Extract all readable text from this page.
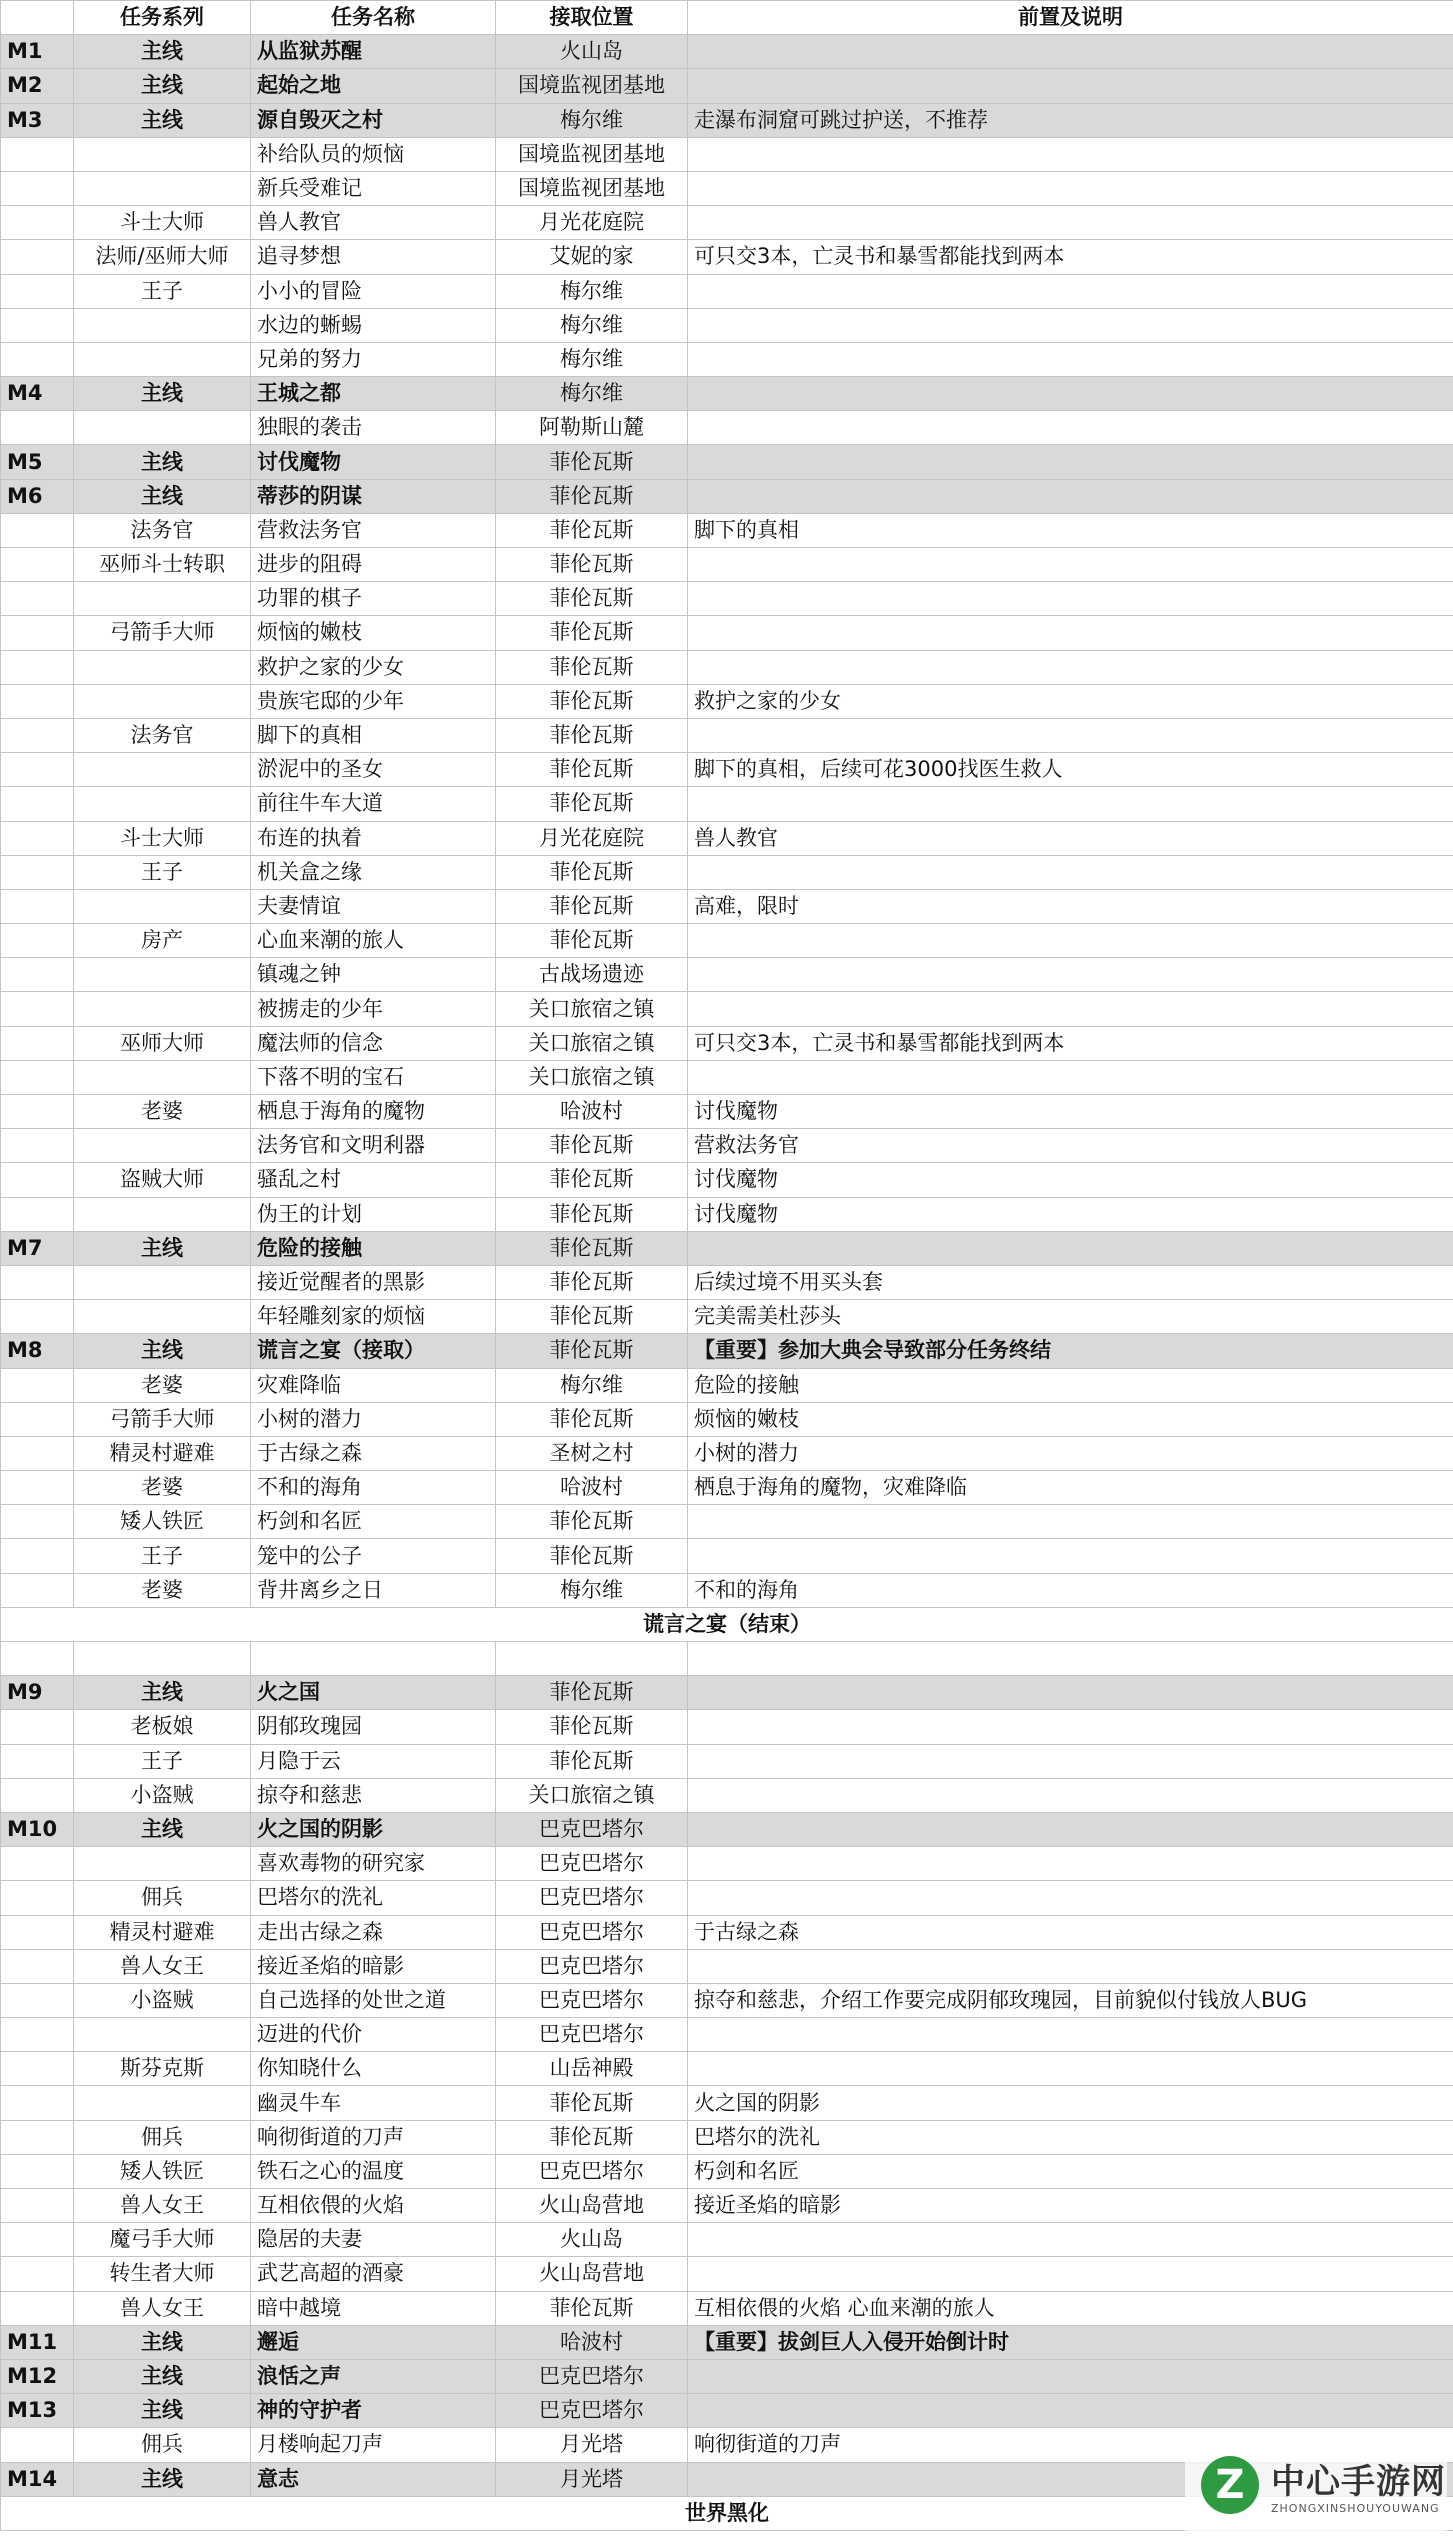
	任务系列	任务名称	接取位置	前置及说明
M1	主线	从监狱苏醒	火山岛	
M2	主线	起始之地	国境监视团基地	
M3	主线	源自毁灭之村	梅尔维	走瀑布洞窟可跳过护送，不推荐
		补给队员的烦恼	国境监视团基地	
		新兵受难记	国境监视团基地	
	斗士大师	兽人教官	月光花庭院	
	法师/巫师大师	追寻梦想	艾妮的家	可只交3本，亡灵书和暴雪都能找到两本
	王子	小小的冒险	梅尔维	
		水边的蜥蜴	梅尔维	
		兄弟的努力	梅尔维	
M4	主线	王城之都	梅尔维	
		独眼的袭击	阿勒斯山麓	
M5	主线	讨伐魔物	菲伦瓦斯	
M6	主线	蒂莎的阴谋	菲伦瓦斯	
	法务官	营救法务官	菲伦瓦斯	脚下的真相
	巫师斗士转职	进步的阻碍	菲伦瓦斯	
		功罪的棋子	菲伦瓦斯	
	弓箭手大师	烦恼的嫩枝	菲伦瓦斯	
		救护之家的少女	菲伦瓦斯	
		贵族宅邸的少年	菲伦瓦斯	救护之家的少女
	法务官	脚下的真相	菲伦瓦斯	
		淤泥中的圣女	菲伦瓦斯	脚下的真相，后续可花3000找医生救人
		前往牛车大道	菲伦瓦斯	
	斗士大师	布连的执着	月光花庭院	兽人教官
	王子	机关盒之缘	菲伦瓦斯	
		夫妻情谊	菲伦瓦斯	高难，限时
	房产	心血来潮的旅人	菲伦瓦斯	
		镇魂之钟	古战场遗迹	
		被掳走的少年	关口旅宿之镇	
	巫师大师	魔法师的信念	关口旅宿之镇	可只交3本，亡灵书和暴雪都能找到两本
		下落不明的宝石	关口旅宿之镇	
	老婆	栖息于海角的魔物	哈波村	讨伐魔物
		法务官和文明利器	菲伦瓦斯	营救法务官
	盗贼大师	骚乱之村	菲伦瓦斯	讨伐魔物
		伪王的计划	菲伦瓦斯	讨伐魔物
M7	主线	危险的接触	菲伦瓦斯	
		接近觉醒者的黑影	菲伦瓦斯	后续过境不用买头套
		年轻雕刻家的烦恼	菲伦瓦斯	完美需美杜莎头
M8	主线	谎言之宴（接取）	菲伦瓦斯	【重要】参加大典会导致部分任务终结
	老婆	灾难降临	梅尔维	危险的接触
	弓箭手大师	小树的潜力	菲伦瓦斯	烦恼的嫩枝
	精灵村避难	于古绿之森	圣树之村	小树的潜力
	老婆	不和的海角	哈波村	栖息于海角的魔物，灾难降临
	矮人铁匠	朽剑和名匠	菲伦瓦斯	
	王子	笼中的公子	菲伦瓦斯	
	老婆	背井离乡之日	梅尔维	不和的海角
谎言之宴（结束）				

M9	主线	火之国	菲伦瓦斯	
	老板娘	阴郁玫瑰园	菲伦瓦斯	
	王子	月隐于云	菲伦瓦斯	
	小盗贼	掠夺和慈悲	关口旅宿之镇	
M10	主线	火之国的阴影	巴克巴塔尔	
		喜欢毒物的研究家	巴克巴塔尔	
	佣兵	巴塔尔的洗礼	巴克巴塔尔	
	精灵村避难	走出古绿之森	巴克巴塔尔	于古绿之森
	兽人女王	接近圣焰的暗影	巴克巴塔尔	
	小盗贼	自己选择的处世之道	巴克巴塔尔	掠夺和慈悲，介绍工作要完成阴郁玫瑰园，目前貌似付钱放人BUG
		迈进的代价	巴克巴塔尔	
	斯芬克斯	你知晓什么	山岳神殿	
		幽灵牛车	菲伦瓦斯	火之国的阴影
	佣兵	响彻街道的刀声	菲伦瓦斯	巴塔尔的洗礼
	矮人铁匠	铁石之心的温度	巴克巴塔尔	朽剑和名匠
	兽人女王	互相依偎的火焰	火山岛营地	接近圣焰的暗影
	魔弓手大师	隐居的夫妻	火山岛	
	转生者大师	武艺高超的酒豪	火山岛营地	
	兽人女王	暗中越境	菲伦瓦斯	互相依偎的火焰 心血来潮的旅人
M11	主线	邂逅	哈波村	【重要】拔剑巨人入侵开始倒计时
M12	主线	浪恬之声	巴克巴塔尔	
M13	主线	神的守护者	巴克巴塔尔	
	佣兵	月楼响起刀声	月光塔	响彻街道的刀声
M14	主线	意志	月光塔	
世界黑化				
Z 中心手游网
ZHONGXINSHOUYOUWANG
